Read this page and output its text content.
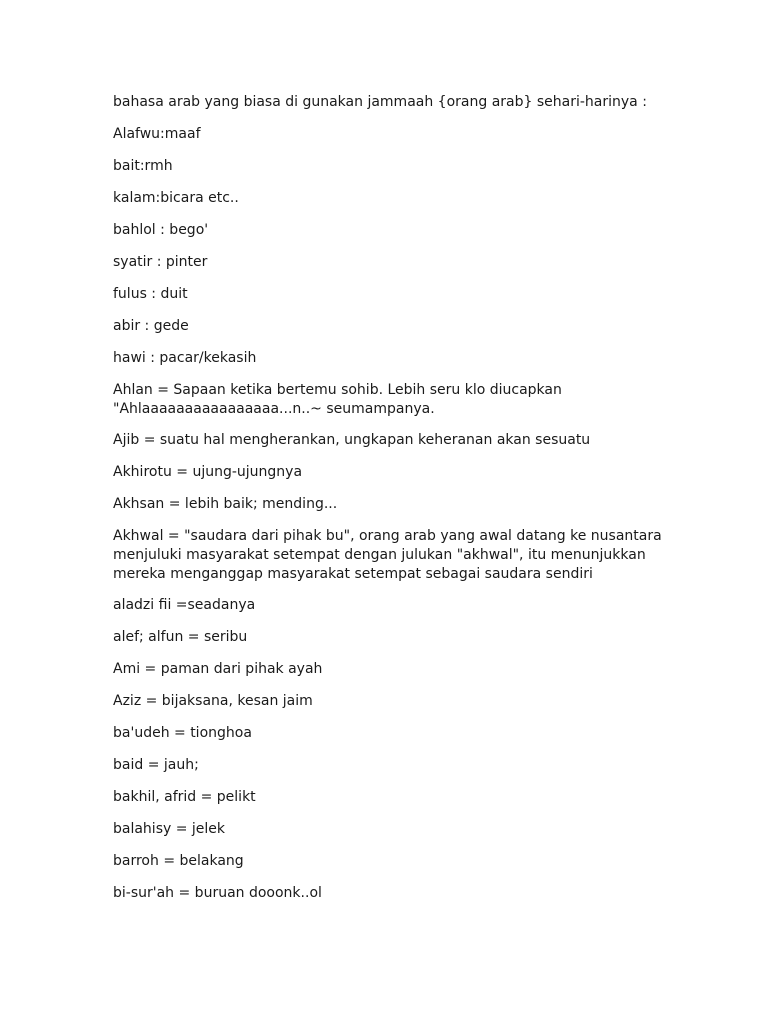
bahasa arab yang biasa di gunakan jammaah {orang arab} sehari-harinya :

Alafwu:maaf

bait:rmh

kalam:bicara etc..

bahlol : bego'

syatir : pinter

fulus : duit

abir : gede

hawi : pacar/kekasih

Ahlan = Sapaan ketika bertemu sohib. Lebih seru klo diucapkan
"Ahlaaaaaaaaaaaaaaaa...n..~ seumampanya.

Ajib = suatu hal mengherankan, ungkapan keheranan akan sesuatu

Akhirotu = ujung-ujungnya

Akhsan = lebih baik; mending...

Akhwal = "saudara dari pihak bu", orang arab yang awal datang ke nusantara
menjuluki masyarakat setempat dengan julukan "akhwal", itu menunjukkan
mereka menganggap masyarakat setempat sebagai saudara sendiri

aladzi fii =seadanya

alef; alfun = seribu

Ami = paman dari pihak ayah

Aziz = bijaksana, kesan jaim

ba'udeh = tionghoa

baid = jauh;

bakhil, afrid = pelikt

balahisy = jelek

barroh = belakang

bi-sur'ah = buruan dooonk..ol
